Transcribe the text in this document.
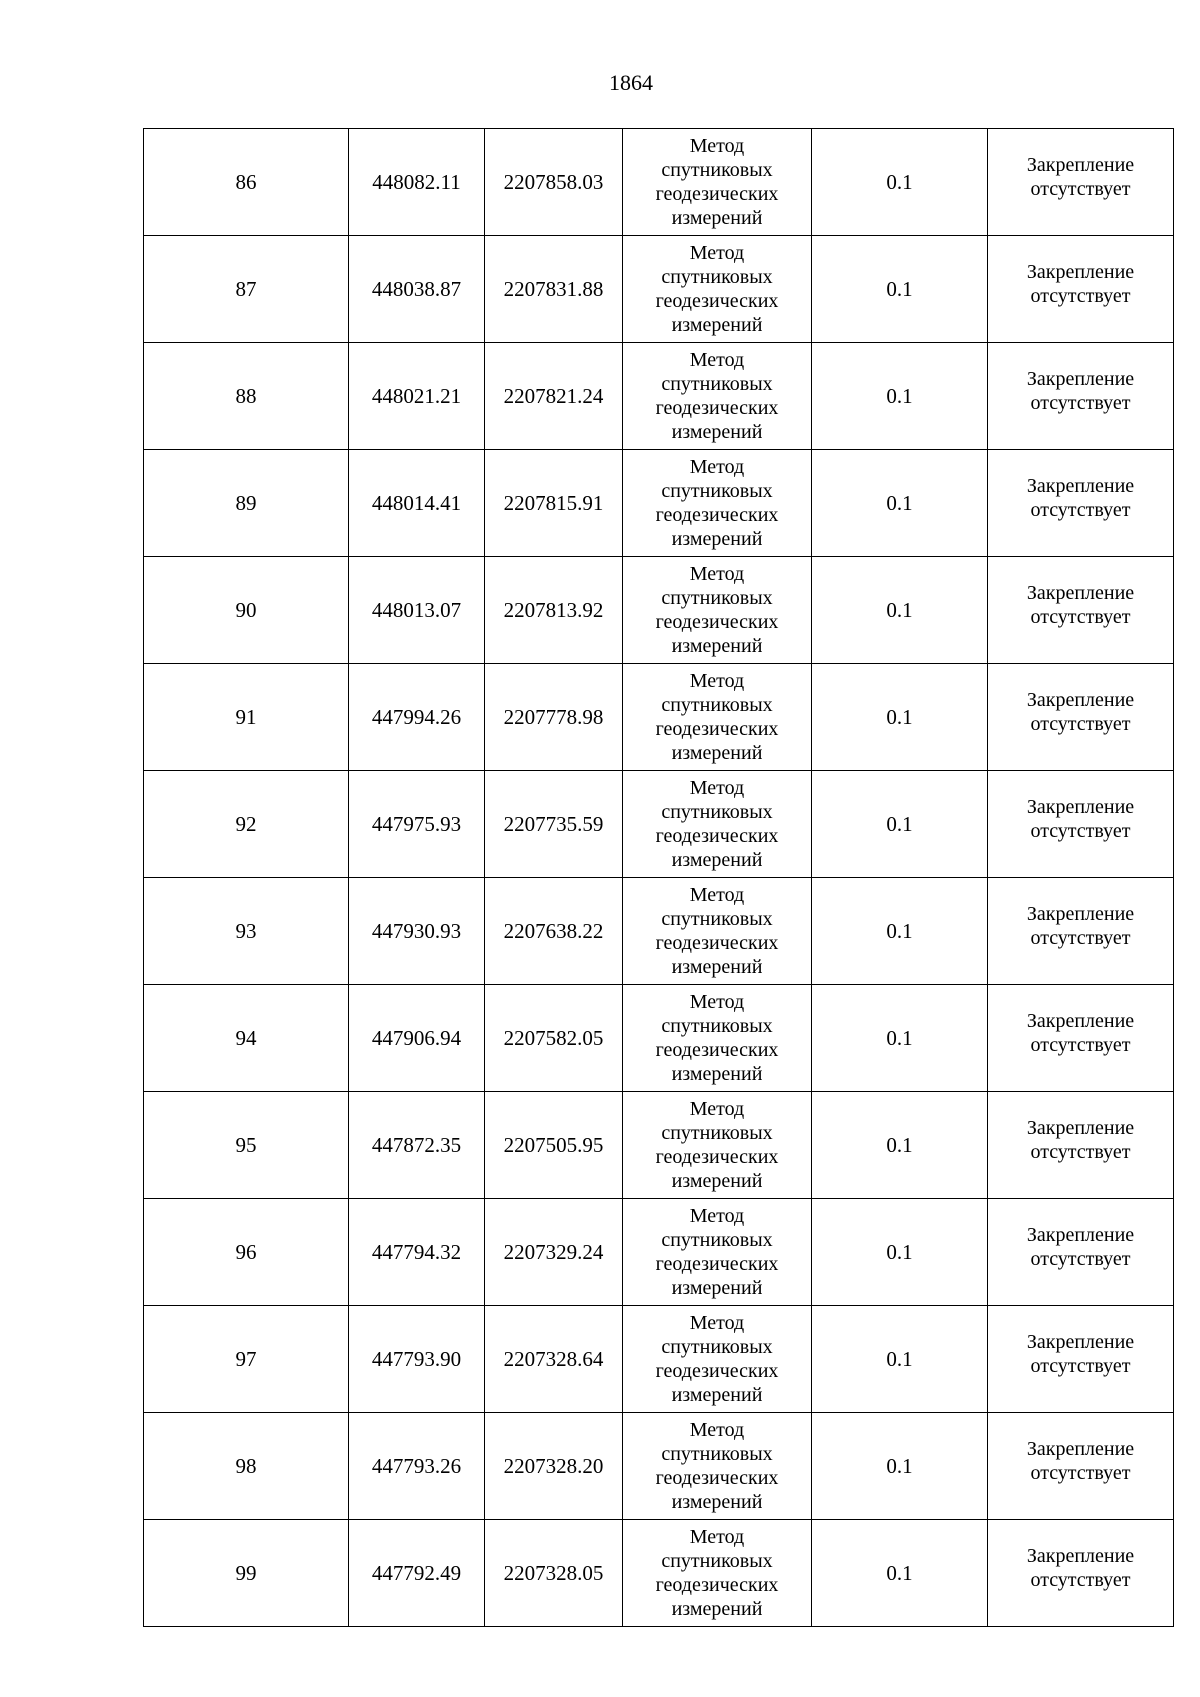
1864
86	448082.11	2207858.03	Метод
спутниковых
геодезических
измерений	0.1	Закрепление
отсутствует

87	448038.87	2207831.88	Метод
спутниковых
геодезических
измерений	0.1	Закрепление
отсутствует

88	448021.21	2207821.24	Метод
спутниковых
геодезических
измерений	0.1	Закрепление
отсутствует

89	448014.41	2207815.91	Метод
спутниковых
геодезических
измерений	0.1	Закрепление
отсутствует

90	448013.07	2207813.92	Метод
спутниковых
геодезических
измерений	0.1	Закрепление
отсутствует

91	447994.26	2207778.98	Метод
спутниковых
геодезических
измерений	0.1	Закрепление
отсутствует

92	447975.93	2207735.59	Метод
спутниковых
геодезических
измерений	0.1	Закрепление
отсутствует

93	447930.93	2207638.22	Метод
спутниковых
геодезических
измерений	0.1	Закрепление
отсутствует

94	447906.94	2207582.05	Метод
спутниковых
геодезических
измерений	0.1	Закрепление
отсутствует

95	447872.35	2207505.95	Метод
спутниковых
геодезических
измерений	0.1	Закрепление
отсутствует

96	447794.32	2207329.24	Метод
спутниковых
геодезических
измерений	0.1	Закрепление
отсутствует

97	447793.90	2207328.64	Метод
спутниковых
геодезических
измерений	0.1	Закрепление
отсутствует

98	447793.26	2207328.20	Метод
спутниковых
геодезических
измерений	0.1	Закрепление
отсутствует

99	447792.49	2207328.05	Метод
спутниковых
геодезических
измерений	0.1	Закрепление
отсутствует
